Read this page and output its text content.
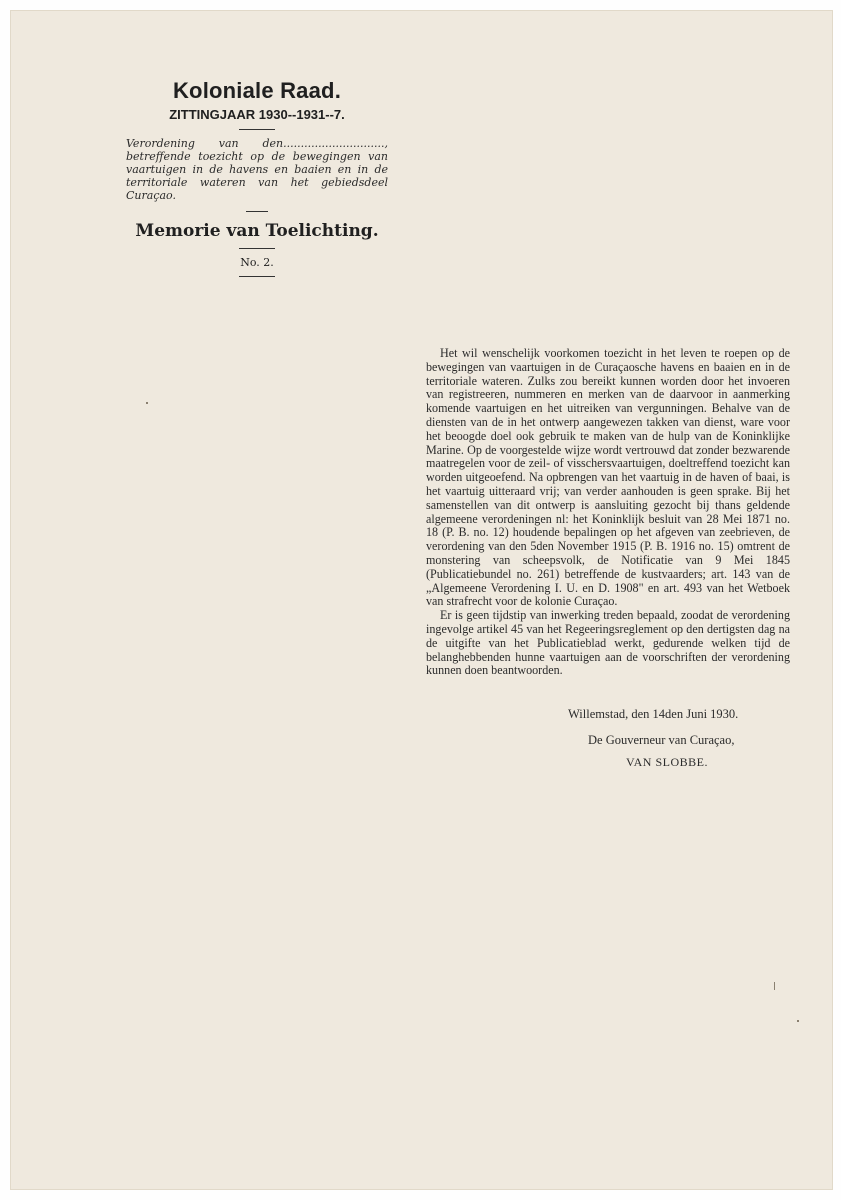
Koloniale Raad.
ZITTINGJAAR 1930--1931--7.
Verordening van den............................., betreffende toezicht op de bewegingen van vaartuigen in de havens en baaien en in de territoriale wateren van het gebiedsdeel Curaçao.
Memorie van Toelichting.
No. 2.

Het wil wenschelijk voorkomen toezicht in het leven te roepen op de bewegingen van vaartuigen in de Curaçaosche havens en baaien en in de territoriale wateren. Zulks zou bereikt kunnen worden door het invoeren van registreeren, nummeren en merken van de daarvoor in aanmerking komende vaartuigen en het uitreiken van vergunningen. Behalve van de diensten van de in het ontwerp aangewezen takken van dienst, ware voor het beoogde doel ook gebruik te maken van de hulp van de Koninklijke Marine. Op de voorgestelde wijze wordt vertrouwd dat zonder bezwarende maatregelen voor de zeil- of visschersvaartuigen, doeltreffend toezicht kan worden uitgeoefend. Na opbrengen van het vaartuig in de haven of baai, is het vaartuig uitteraard vrij; van verder aanhouden is geen sprake. Bij het samenstellen van dit ontwerp is aansluiting gezocht bij thans geldende algemeene verordeningen nl: het Koninklijk besluit van 28 Mei 1871 no. 18 (P. B. no. 12) houdende bepalingen op het afgeven van zeebrieven, de verordening van den 5den November 1915 (P. B. 1916 no. 15) omtrent de monstering van scheepsvolk, de Notificatie van 9 Mei 1845 (Publicatiebundel no. 261) betreffende de kustvaarders; art. 143 van de „Algemeene Verordening I. U. en D. 1908" en art. 493 van het Wetboek van strafrecht voor de kolonie Curaçao.

Er is geen tijdstip van inwerking treden bepaald, zoodat de verordening ingevolge artikel 45 van het Regeeringsreglement op den dertigsten dag na de uitgifte van het Publicatieblad werkt, gedurende welken tijd de belanghebbenden hunne vaartuigen aan de voorschriften der verordening kunnen doen beantwoorden.

Willemstad, den 14den Juni 1930.
De Gouverneur van Curaçao,
VAN SLOBBE.
